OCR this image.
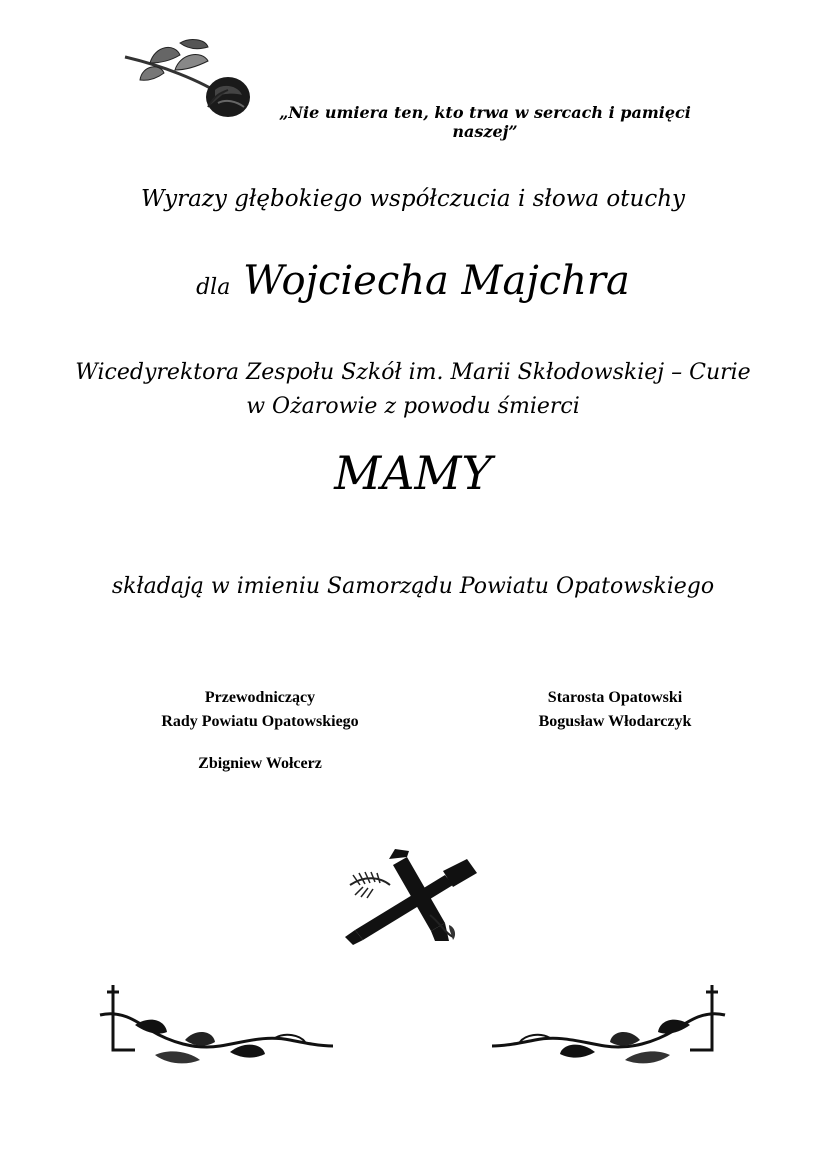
„Nie umiera ten, kto trwa w sercach i pamięci naszej”
Wyrazy głębokiego współczucia i słowa otuchy
dla Wojciecha Majchra
Wicedyrektora Zespołu Szkół im. Marii Skłodowskiej – Curie
w Ożarowie z powodu śmierci
MAMY
składają w imieniu Samorządu Powiatu Opatowskiego
Przewodniczący
Rady Powiatu Opatowskiego
Zbigniew Wołcerz
Starosta Opatowski
Bogusław Włodarczyk
